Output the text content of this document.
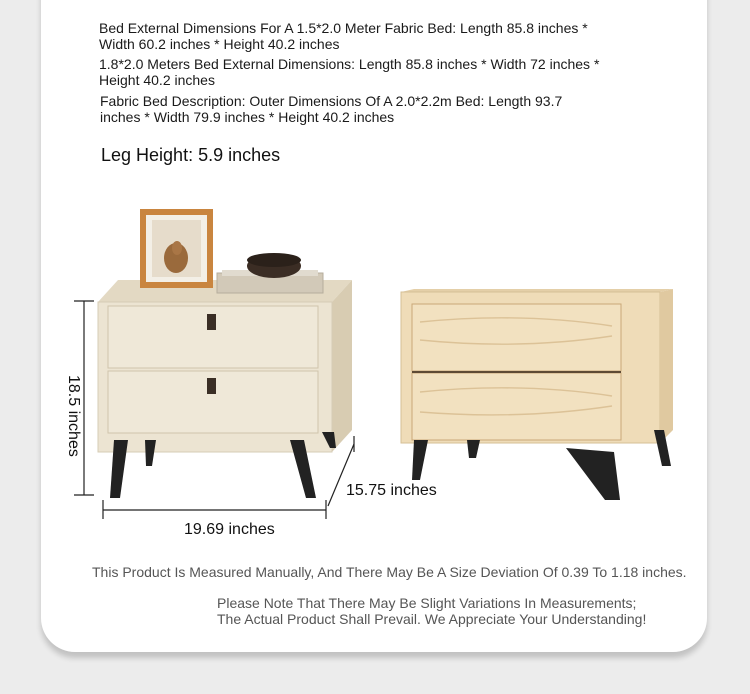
Bed External Dimensions For A 1.5*2.0 Meter Fabric Bed: Length 85.8 inches * Width 60.2 inches * Height 40.2 inches
1.8*2.0 Meters Bed External Dimensions: Length 85.8 inches * Width 72 inches * Height 40.2 inches
Fabric Bed Description: Outer Dimensions Of A 2.0*2.2m Bed: Length 93.7 inches * Width 79.9 inches * Height 40.2 inches
Leg Height: 5.9 inches
18.5 inches
19.69 inches
15.75 inches
This Product Is Measured Manually, And There May Be A Size Deviation Of 0.39 To 1.18 inches.
Please Note That There May Be Slight Variations In Measurements;
The Actual Product Shall Prevail. We Appreciate Your Understanding!
